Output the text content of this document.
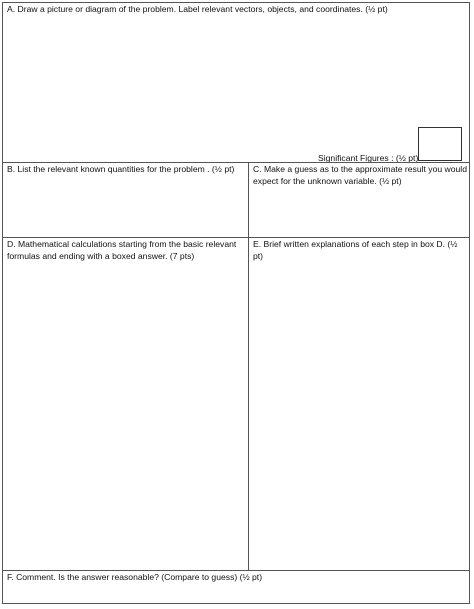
A. Draw a picture or diagram of the problem. Label relevant vectors, objects, and coordinates. (½ pt)
Significant Figures : (½ pt)
B. List the relevant known quantities for the problem . (½ pt)	C. Make a guess as to the approximate result you would expect for the unknown variable. (½ pt)
D. Mathematical calculations starting from the basic relevant formulas and ending with a boxed answer. (7 pts)
E. Brief written explanations of each step in box D. (½ pt)
F. Comment. Is the answer reasonable? (Compare to guess) (½ pt)
